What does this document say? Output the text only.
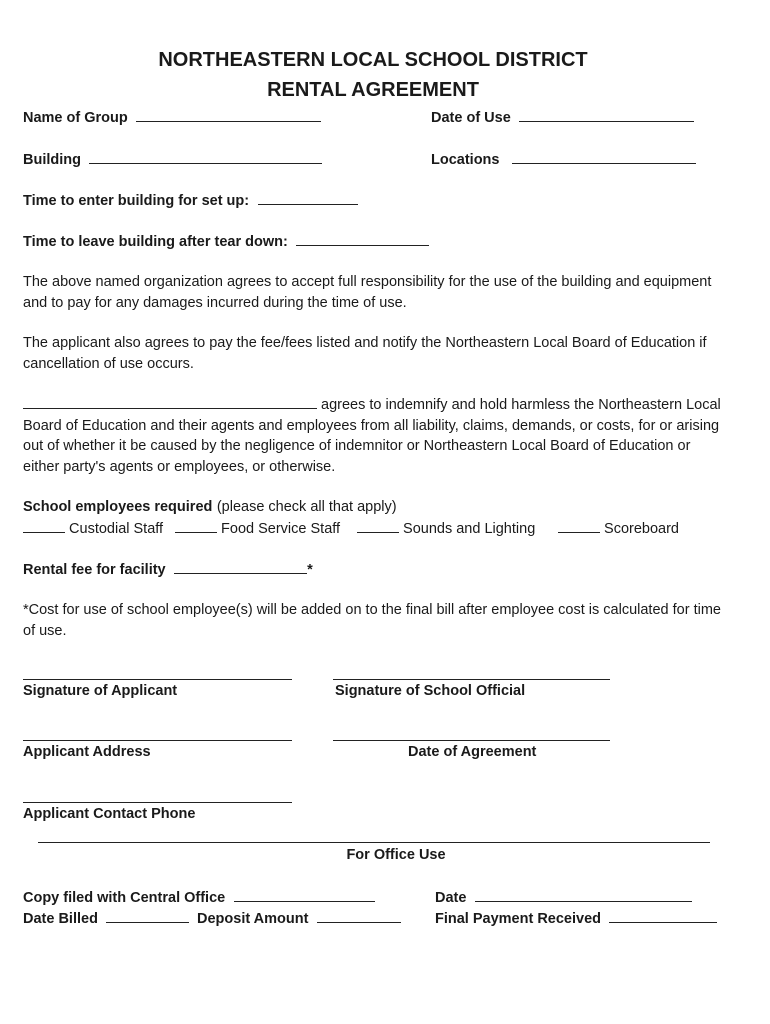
NORTHEASTERN LOCAL SCHOOL DISTRICT
RENTAL AGREEMENT
Name of Group	Date of Use
Building	Locations
Time to enter building for set up:
Time to leave building after tear down:
The above named organization agrees to accept full responsibility for the use of the building and equipment and to pay for any damages incurred during the time of use.
The applicant also agrees to pay the fee/fees listed and notify the Northeastern Local Board of Education if cancellation of use occurs.
agrees to indemnify and hold harmless the Northeastern Local Board of Education and their agents and employees from all liability, claims, demands, or costs, for or arising out of whether it be caused by the negligence of indemnitor or Northeastern Local Board of Education or either party's agents or employees, or otherwise.
School employees required (please check all that apply)
Custodial Staff	Food Service Staff	Sounds and Lighting	Scoreboard
Rental fee for facility	*
*Cost for use of school employee(s) will be added on to the final bill after employee cost is calculated for time of use.
Signature of Applicant	Signature of School Official
Applicant Address	Date of Agreement
Applicant Contact Phone
For Office Use
Copy filed with Central Office	Date
Date Billed	Deposit Amount	Final Payment Received
